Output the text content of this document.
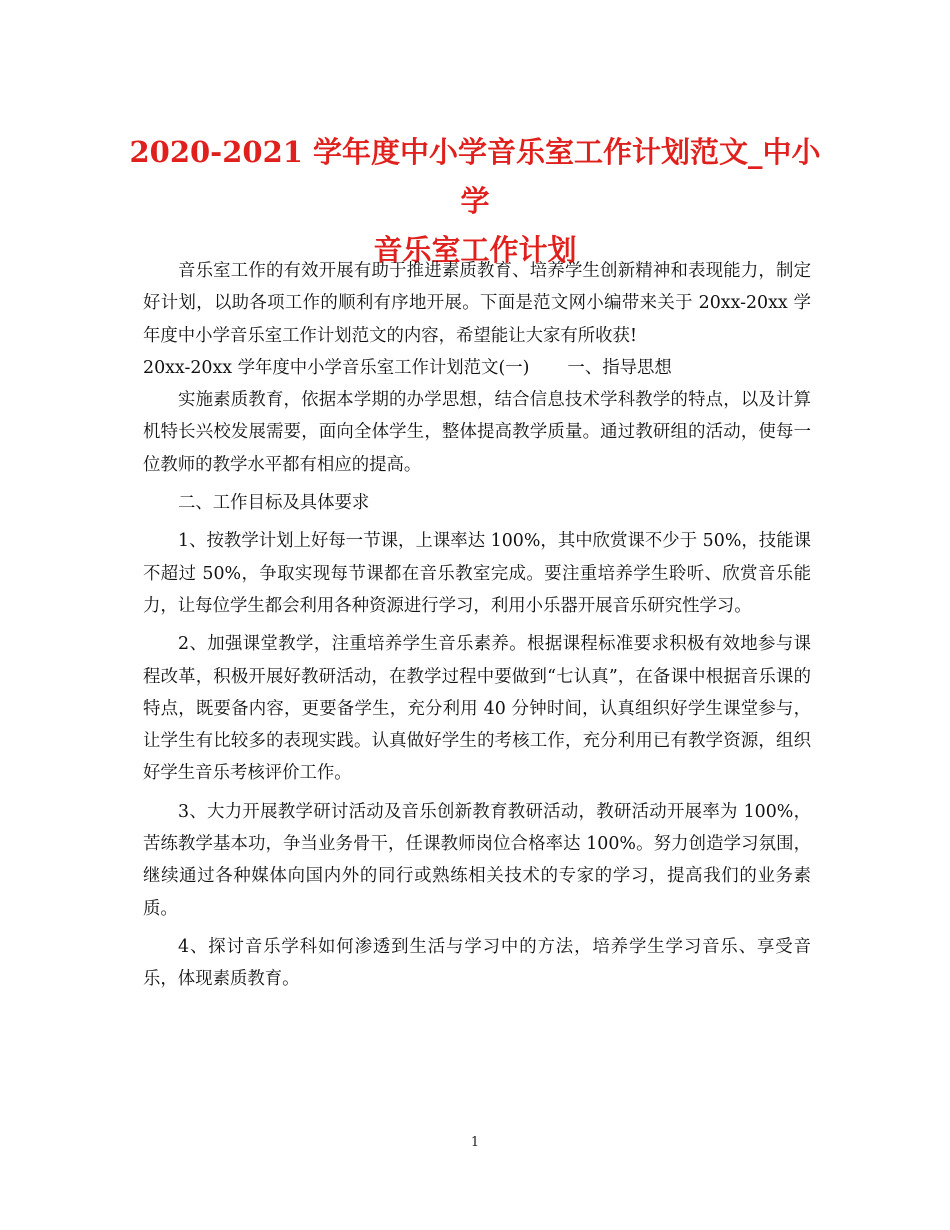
2020-2021 学年度中小学音乐室工作计划范文_中小学
音乐室工作计划

音乐室工作的有效开展有助于推进素质教育、培养学生创新精神和表现能力，制定好计划，以助各项工作的顺利有序地开展。下面是范文网小编带来关于 20xx-20xx 学年度中小学音乐室工作计划范文的内容，希望能让大家有所收获!

20xx-20xx 学年度中小学音乐室工作计划范文(一) 一、指导思想

实施素质教育，依据本学期的办学思想，结合信息技术学科教学的特点，以及计算机特长兴校发展需要，面向全体学生，整体提高教学质量。通过教研组的活动，使每一位教师的教学水平都有相应的提高。

二、工作目标及具体要求

1、按教学计划上好每一节课，上课率达 100%，其中欣赏课不少于 50%，技能课不超过 50%，争取实现每节课都在音乐教室完成。要注重培养学生聆听、欣赏音乐能力，让每位学生都会利用各种资源进行学习，利用小乐器开展音乐研究性学习。

2、加强课堂教学，注重培养学生音乐素养。根据课程标准要求积极有效地参与课程改革，积极开展好教研活动，在教学过程中要做到“七认真”，在备课中根据音乐课的特点，既要备内容，更要备学生，充分利用 40 分钟时间，认真组织好学生课堂参与，让学生有比较多的表现实践。认真做好学生的考核工作，充分利用已有教学资源，组织好学生音乐考核评价工作。

3、大力开展教学研讨活动及音乐创新教育教研活动，教研活动开展率为 100%，苦练教学基本功，争当业务骨干，任课教师岗位合格率达 100%。努力创造学习氛围，继续通过各种媒体向国内外的同行或熟练相关技术的专家的学习，提高我们的业务素质。

4、探讨音乐学科如何渗透到生活与学习中的方法，培养学生学习音乐、享受音乐，体现素质教育。

1
